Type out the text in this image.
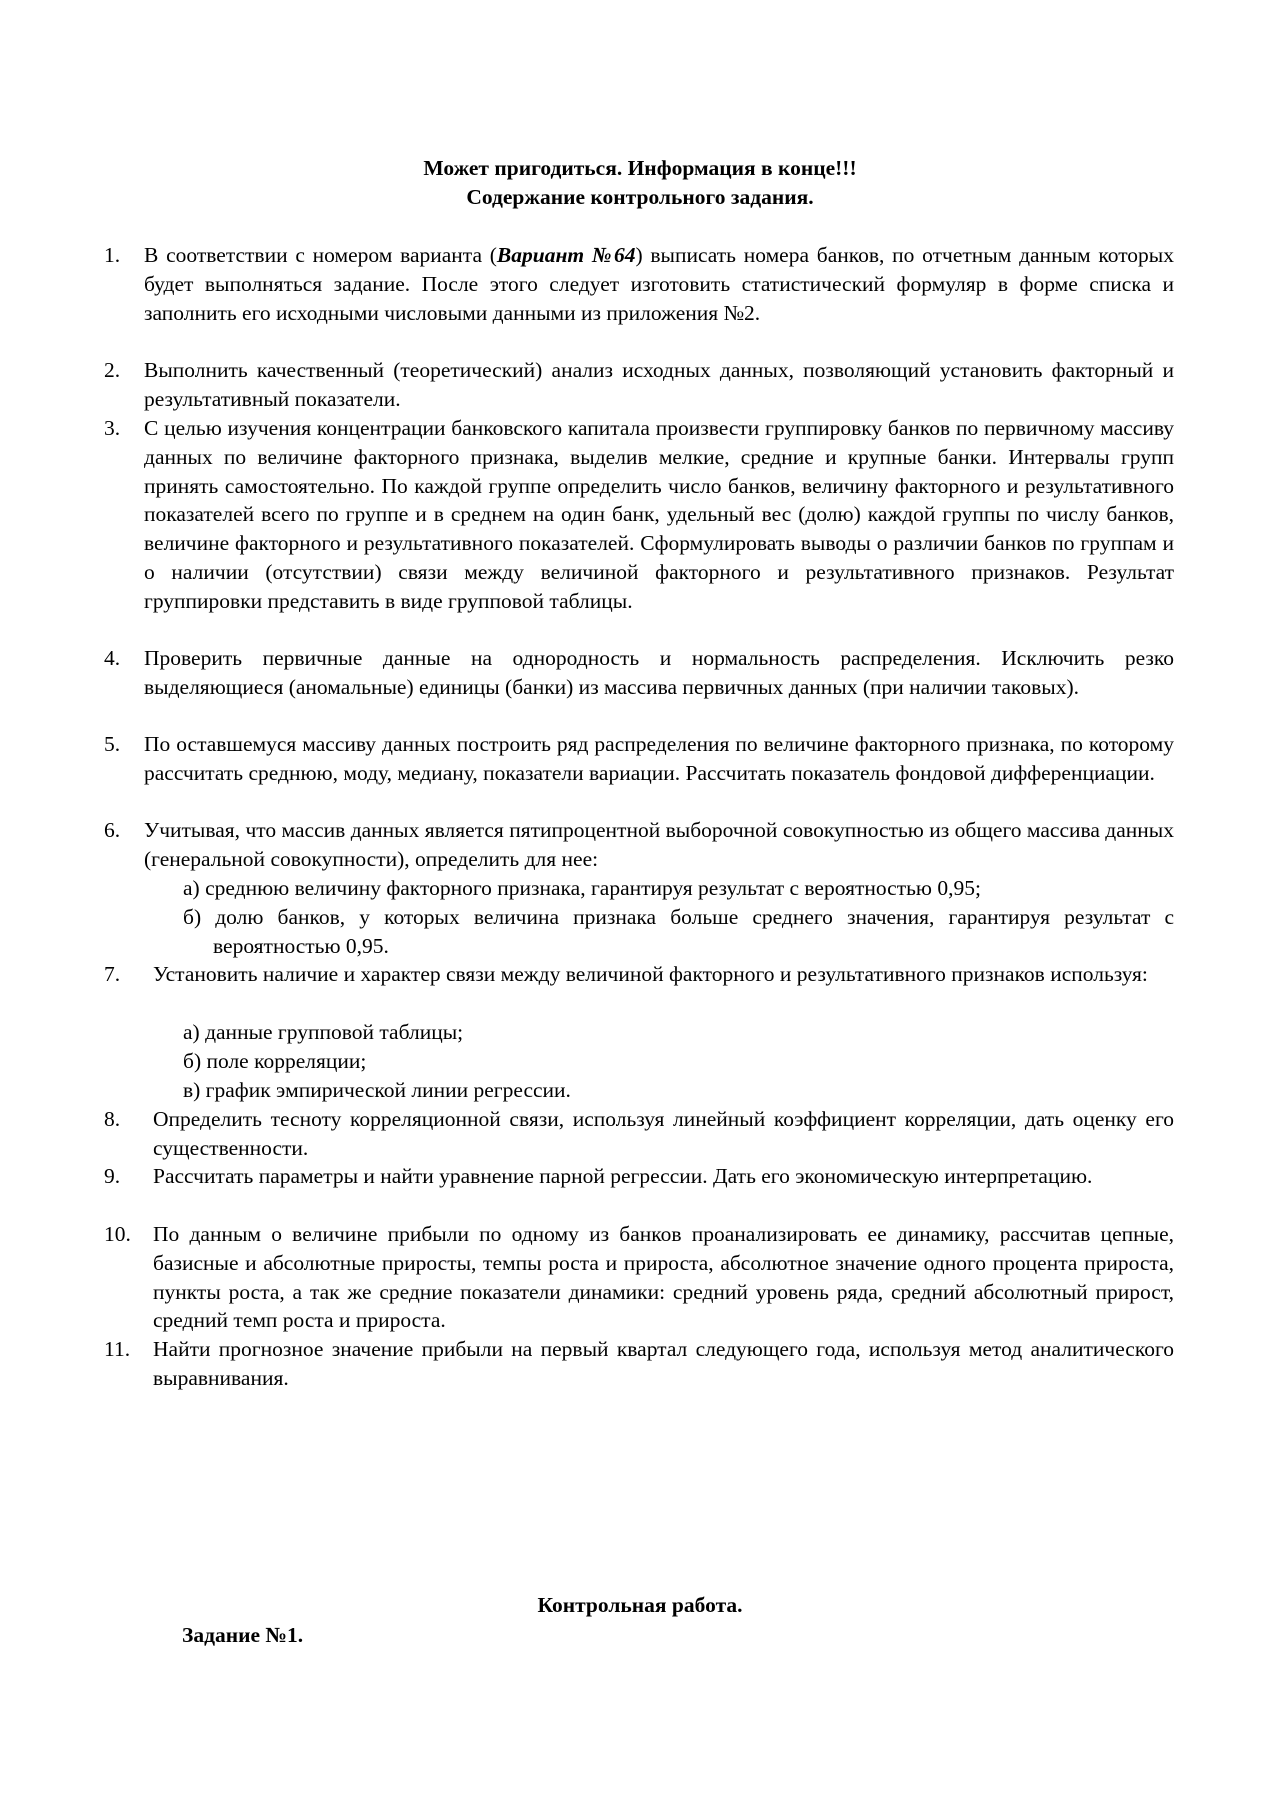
Может пригодиться. Информация в конце!!!
Содержание контрольного задания.
1. В соответствии с номером варианта (Вариант №64) выписать номера банков, по отчетным данным которых будет выполняться задание. После этого следует изготовить статистический формуляр в форме списка и заполнить его исходными числовыми данными из приложения №2.
2. Выполнить качественный (теоретический) анализ исходных данных, позволяющий установить факторный и результативный показатели.
3. С целью изучения концентрации банковского капитала произвести группировку банков по первичному массиву данных по величине факторного признака, выделив мелкие, средние и крупные банки. Интервалы групп принять самостоятельно. По каждой группе определить число банков, величину факторного и результативного показателей всего по группе и в среднем на один банк, удельный вес (долю) каждой группы по числу банков, величине факторного и результативного показателей. Сформулировать выводы о различии банков по группам и о наличии (отсутствии) связи между величиной факторного и результативного признаков. Результат группировки представить в виде групповой таблицы.
4. Проверить первичные данные на однородность и нормальность распределения. Исключить резко выделяющиеся (аномальные) единицы (банки) из массива первичных данных (при наличии таковых).
5. По оставшемуся массиву данных построить ряд распределения по величине факторного признака, по которому рассчитать среднюю, моду, медиану, показатели вариации. Рассчитать показатель фондовой дифференциации.
6. Учитывая, что массив данных является пятипроцентной выборочной совокупностью из общего массива данных (генеральной совокупности), определить для нее:
а) среднюю величину факторного признака, гарантируя результат с вероятностью 0,95;
б) долю банков, у которых величина признака больше среднего значения, гарантируя результат с вероятностью 0,95.
7. Установить наличие и характер связи между величиной факторного и результативного признаков используя:
а) данные групповой таблицы;
б) поле корреляции;
в) график эмпирической линии регрессии.
8. Определить тесноту корреляционной связи, используя линейный коэффициент корреляции, дать оценку его существенности.
9. Рассчитать параметры и найти уравнение парной регрессии. Дать его экономическую интерпретацию.
10. По данным о величине прибыли по одному из банков проанализировать ее динамику, рассчитав цепные, базисные и абсолютные приросты, темпы роста и прироста, абсолютное значение одного процента прироста, пункты роста, а так же средние показатели динамики: средний уровень ряда, средний абсолютный прирост, средний темп роста и прироста.
11. Найти прогнозное значение прибыли на первый квартал следующего года, используя метод аналитического выравнивания.
Контрольная работа.
Задание №1.
